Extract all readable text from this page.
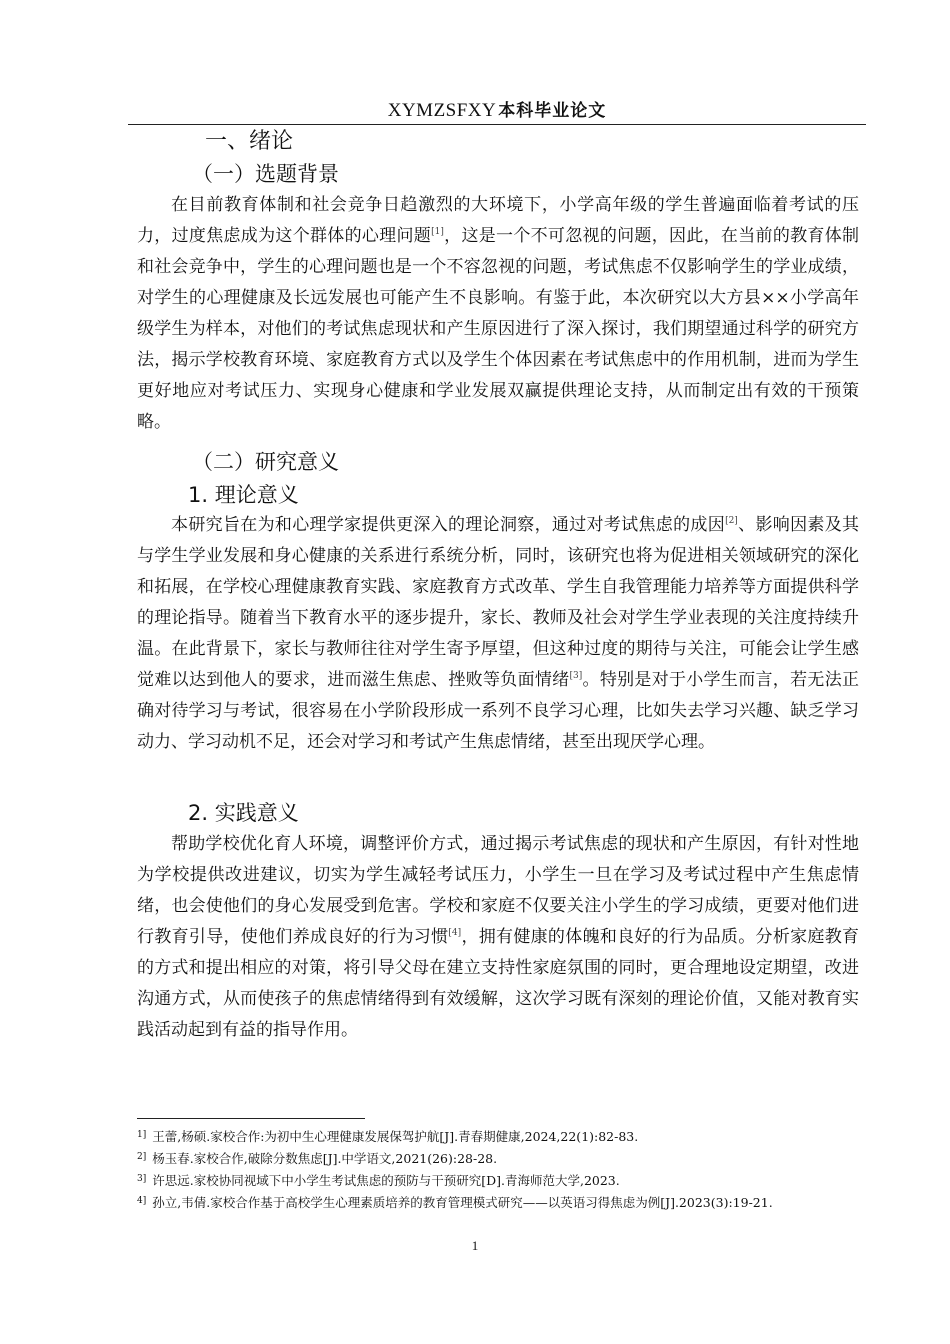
XYMZSFXY 本科毕业论文
一、绪论
（一）选题背景

在目前教育体制和社会竞争日趋激烈的大环境下，小学高年级的学生普遍面临着考试的压力，过度焦虑成为这个群体的心理问题[1]，这是一个不可忽视的问题，因此，在当前的教育体制和社会竞争中，学生的心理问题也是一个不容忽视的问题，考试焦虑不仅影响学生的学业成绩，对学生的心理健康及长远发展也可能产生不良影响。有鉴于此，本次研究以大方县××小学高年级学生为样本，对他们的考试焦虑现状和产生原因进行了深入探讨，我们期望通过科学的研究方法，揭示学校教育环境、家庭教育方式以及学生个体因素在考试焦虑中的作用机制，进而为学生更好地应对考试压力、实现身心健康和学业发展双赢提供理论支持，从而制定出有效的干预策略。

（二）研究意义
1. 理论意义

本研究旨在为和心理学家提供更深入的理论洞察，通过对考试焦虑的成因[2]、影响因素及其与学生学业发展和身心健康的关系进行系统分析，同时，该研究也将为促进相关领域研究的深化和拓展，在学校心理健康教育实践、家庭教育方式改革、学生自我管理能力培养等方面提供科学的理论指导。随着当下教育水平的逐步提升，家长、教师及社会对学生学业表现的关注度持续升温。在此背景下，家长与教师往往对学生寄予厚望，但这种过度的期待与关注，可能会让学生感觉难以达到他人的要求，进而滋生焦虑、挫败等负面情绪[3]。特别是对于小学生而言，若无法正确对待学习与考试，很容易在小学阶段形成一系列不良学习心理，比如失去学习兴趣、缺乏学习动力、学习动机不足，还会对学习和考试产生焦虑情绪，甚至出现厌学心理。

2. 实践意义

帮助学校优化育人环境，调整评价方式，通过揭示考试焦虑的现状和产生原因，有针对性地为学校提供改进建议，切实为学生减轻考试压力，小学生一旦在学习及考试过程中产生焦虑情绪，也会使他们的身心发展受到危害。学校和家庭不仅要关注小学生的学习成绩，更要对他们进行教育引导，使他们养成良好的行为习惯[4]，拥有健康的体魄和良好的行为品质。分析家庭教育的方式和提出相应的对策，将引导父母在建立支持性家庭氛围的同时，更合理地设定期望，改进沟通方式，从而使孩子的焦虑情绪得到有效缓解，这次学习既有深刻的理论价值，又能对教育实践活动起到有益的指导作用。

$^{1]}$ 王蕾,杨硕.家校合作:为初中生心理健康发展保驾护航[J].青春期健康,2024,22(1):82-83.
$^{2]}$ 杨玉春.家校合作,破除分数焦虑[J].中学语文,2021(26):28-28.
$^{3]}$ 许思远.家校协同视域下中小学生考试焦虑的预防与干预研究[D].青海师范大学,2023.
$^{4]}$ 孙立,韦倩.家校合作基于高校学生心理素质培养的教育管理模式研究——以英语习得焦虑为例[J].2023(3):19-21.
1
